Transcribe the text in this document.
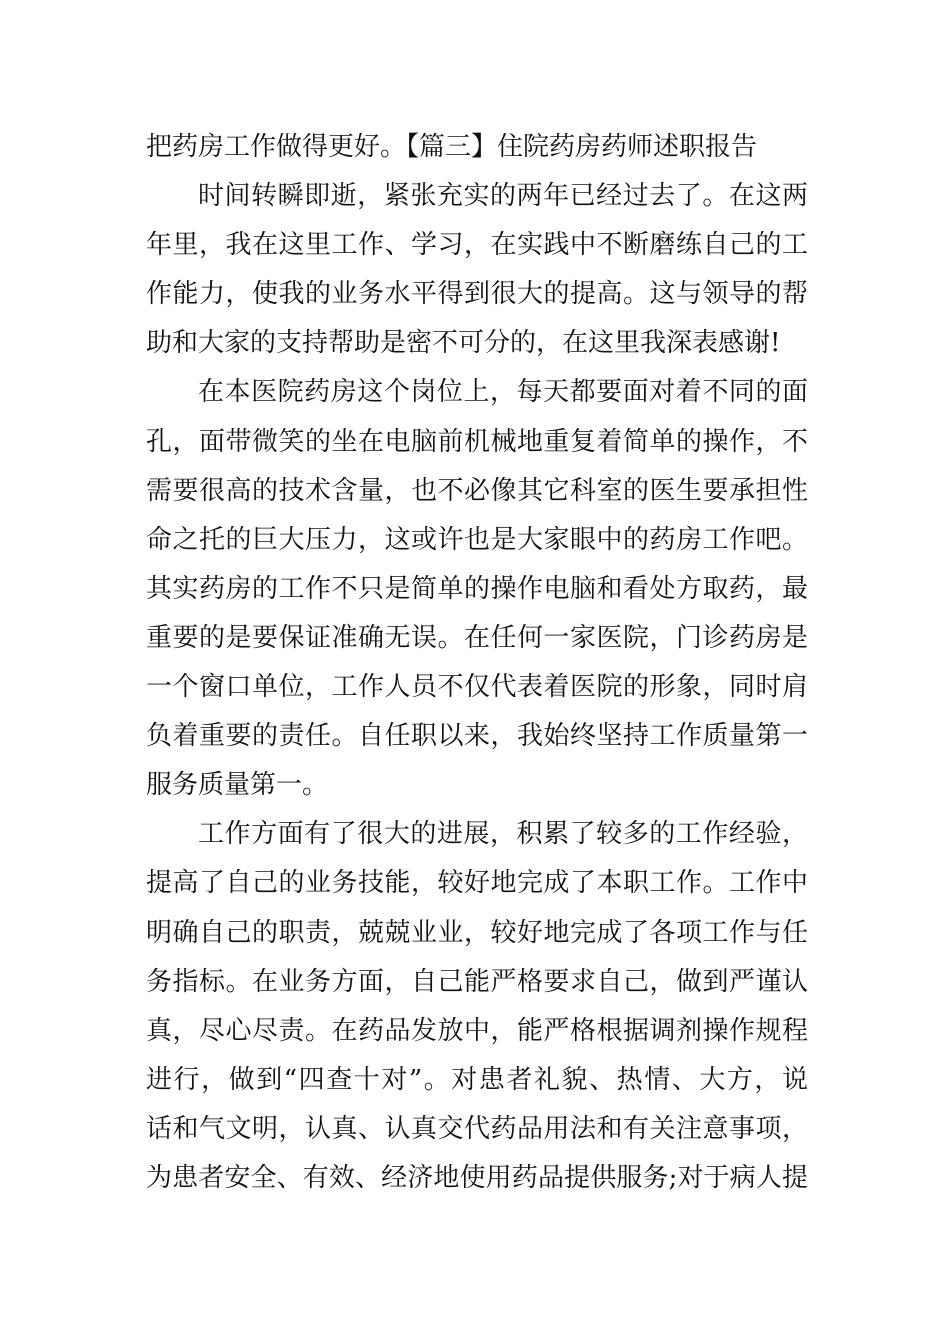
把药房工作做得更好。【篇三】住院药房药师述职报告
时间转瞬即逝，紧张充实的两年已经过去了。在这两
年里，我在这里工作、学习，在实践中不断磨练自己的工
作能力，使我的业务水平得到很大的提高。这与领导的帮
助和大家的支持帮助是密不可分的，在这里我深表感谢!
在本医院药房这个岗位上，每天都要面对着不同的面
孔，面带微笑的坐在电脑前机械地重复着简单的操作，不
需要很高的技术含量，也不必像其它科室的医生要承担性
命之托的巨大压力，这或许也是大家眼中的药房工作吧。
其实药房的工作不只是简单的操作电脑和看处方取药，最
重要的是要保证准确无误。在任何一家医院，门诊药房是
一个窗口单位，工作人员不仅代表着医院的形象，同时肩
负着重要的责任。自任职以来，我始终坚持工作质量第一
服务质量第一。
工作方面有了很大的进展，积累了较多的工作经验，
提高了自己的业务技能，较好地完成了本职工作。工作中
明确自己的职责，兢兢业业，较好地完成了各项工作与任
务指标。在业务方面，自己能严格要求自己，做到严谨认
真，尽心尽责。在药品发放中，能严格根据调剂操作规程
进行，做到“四查十对”。对患者礼貌、热情、大方，说
话和气文明，认真、认真交代药品用法和有关注意事项，
为患者安全、有效、经济地使用药品提供服务;对于病人提
